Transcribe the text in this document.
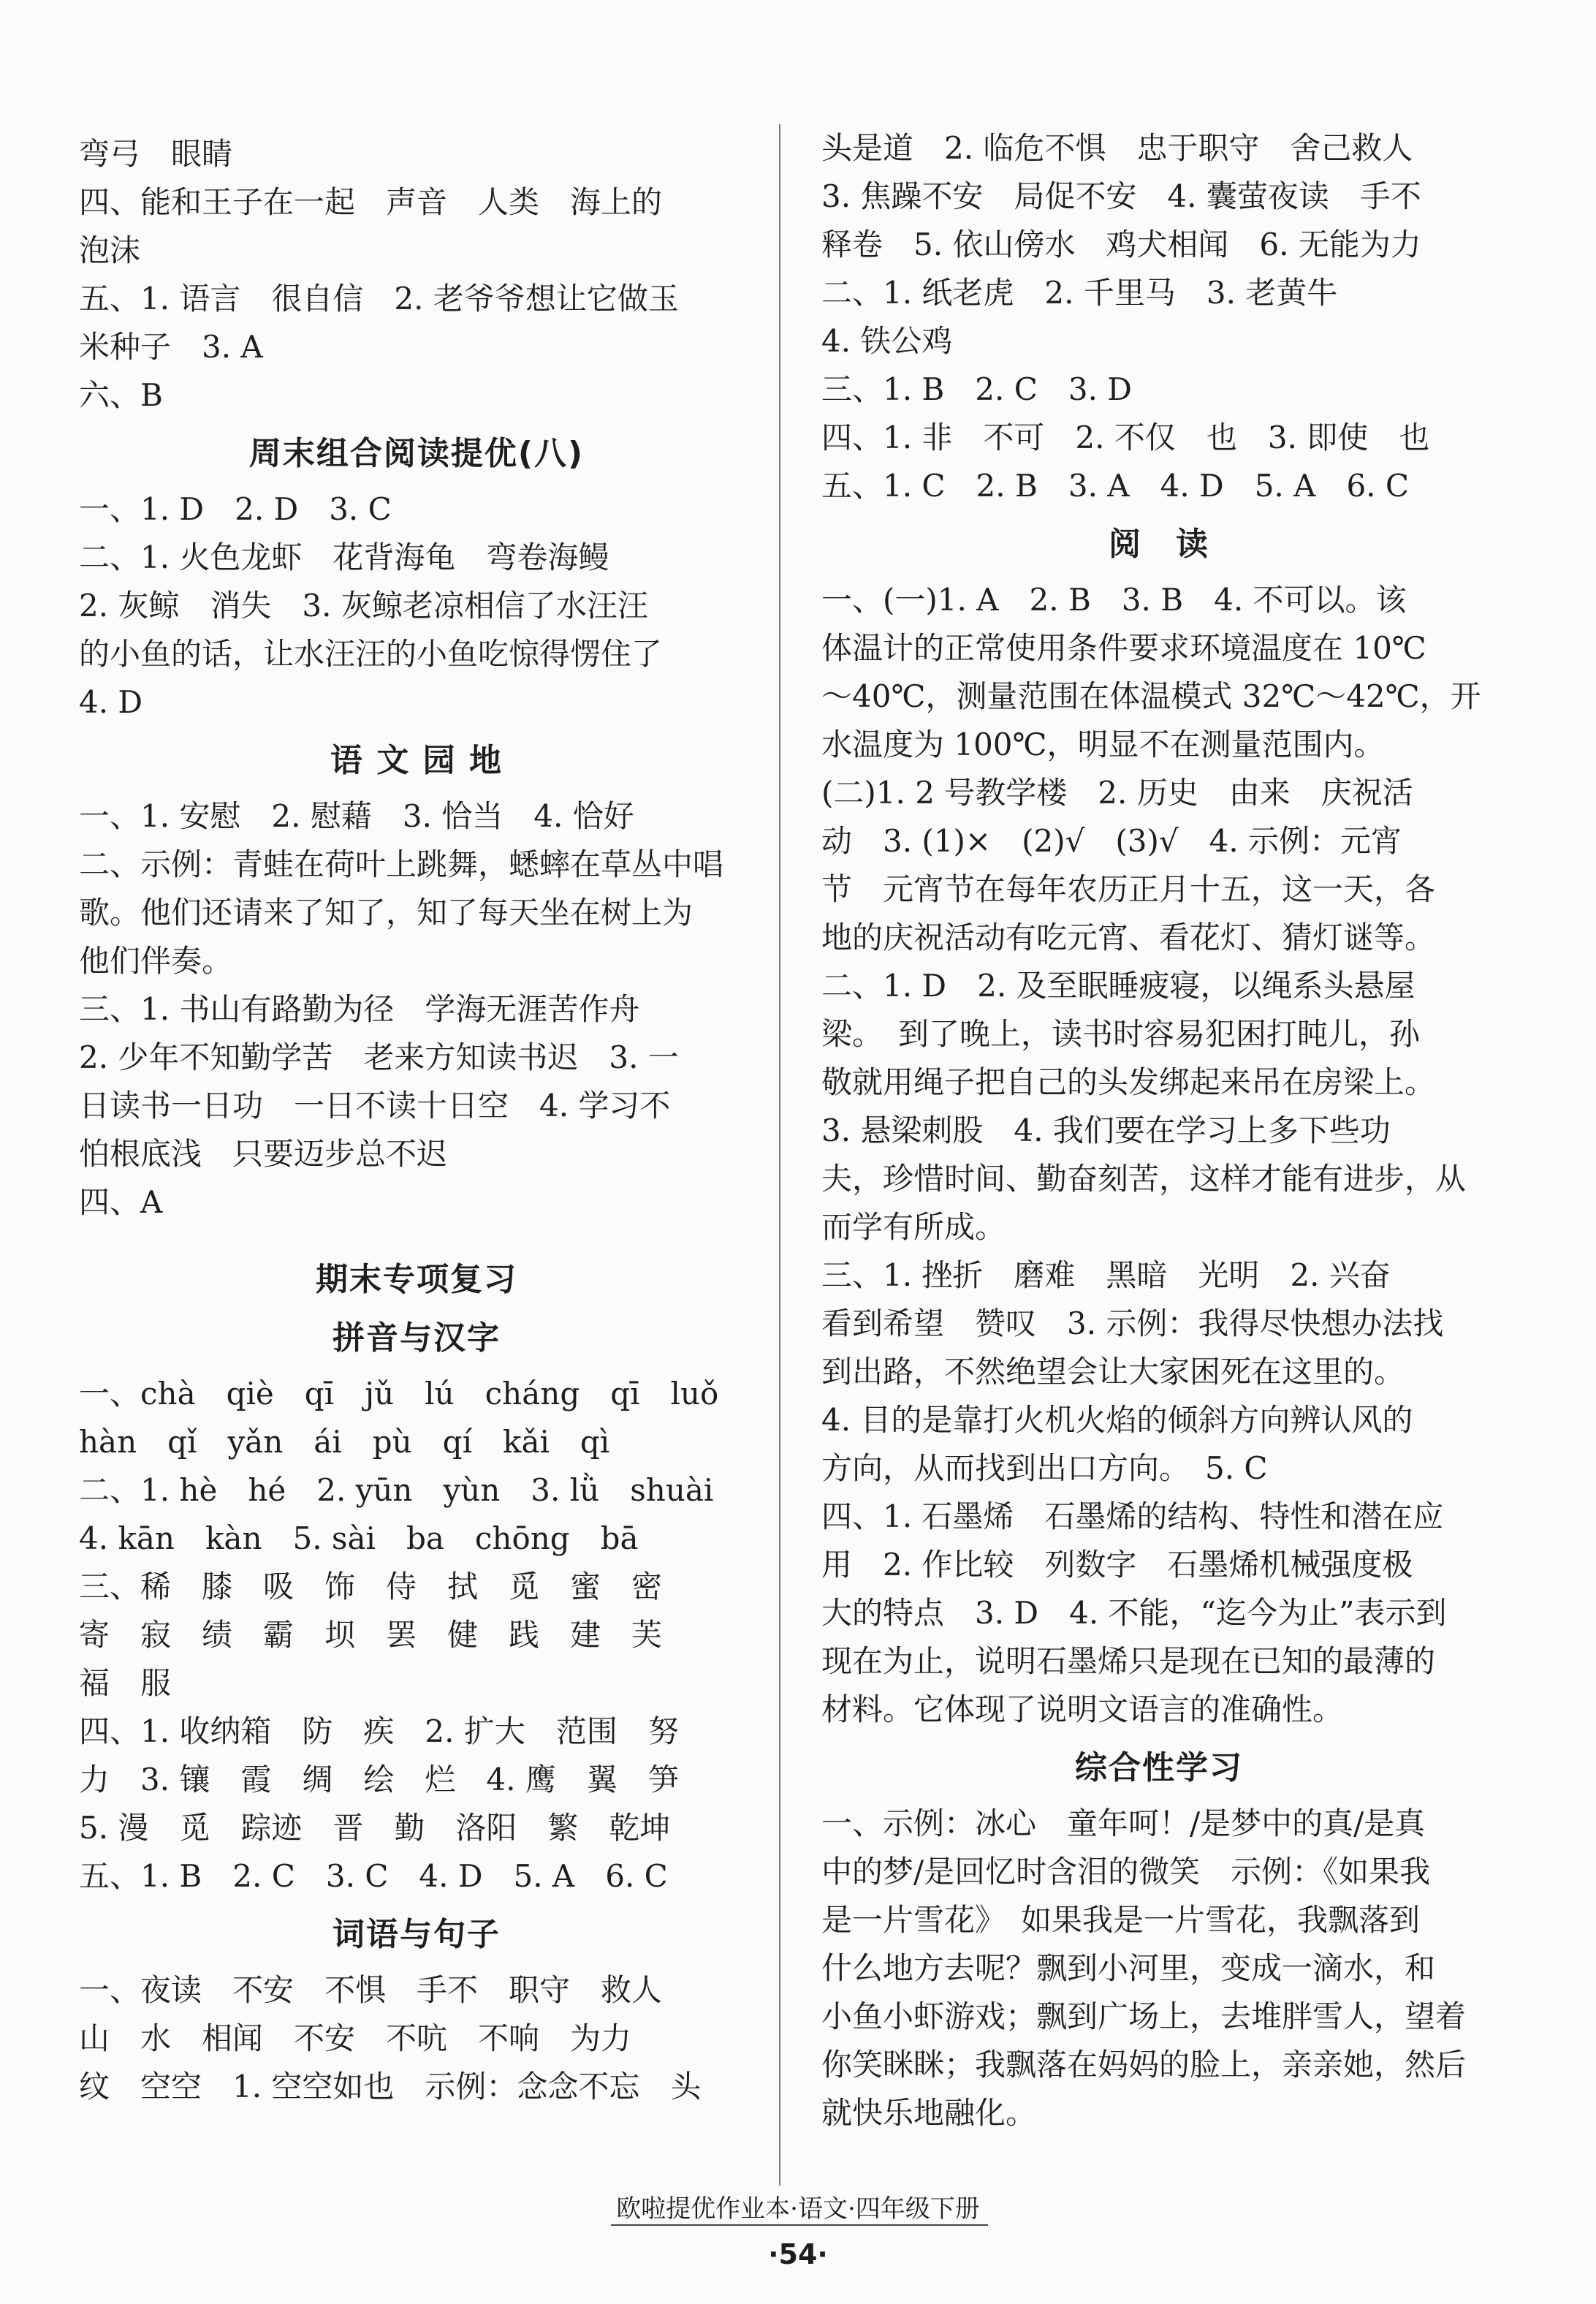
弯弓　眼睛
四、能和王子在一起　声音　人类　海上的
泡沫
五、1. 语言　很自信　2. 老爷爷想让它做玉
米种子　3. A
六、B
周末组合阅读提优(八)
一、1. D　2. D　3. C
二、1. 火色龙虾　花背海龟　弯卷海鳗
2. 灰鲸　消失　3. 灰鲸老凉相信了水汪汪
的小鱼的话，让水汪汪的小鱼吃惊得愣住了
4. D
语 文 园 地
一、1. 安慰　2. 慰藉　3. 恰当　4. 恰好
二、示例：青蛙在荷叶上跳舞，蟋蟀在草丛中唱
歌。他们还请来了知了，知了每天坐在树上为
他们伴奏。
三、1. 书山有路勤为径　学海无涯苦作舟
2. 少年不知勤学苦　老来方知读书迟　3. 一
日读书一日功　一日不读十日空　4. 学习不
怕根底浅　只要迈步总不迟
四、A
期末专项复习
拼音与汉字
一、chà　qiè　qī　jǔ　lú　cháng　qī　luǒ
hàn　qǐ　yǎn　ái　pù　qí　kǎi　qì
二、1. hè　hé　2. yūn　yùn　3. lǜ　shuài
4. kān　kàn　5. sài　ba　chōng　bā
三、稀　膝　吸　饰　侍　拭　觅　蜜　密
寄　寂　绩　霸　坝　罢　健　践　建　芙
福　服
四、1. 收纳箱　防　疾　2. 扩大　范围　努
力　3. 镶　霞　绸　绘　烂　4. 鹰　翼　笋
5. 漫　觅　踪迹　晋　勤　洛阳　繁　乾坤
五、1. B　2. C　3. C　4. D　5. A　6. C
词语与句子
一、夜读　不安　不惧　手不　职守　救人
山　水　相闻　不安　不吭　不响　为力
纹　空空　1. 空空如也　示例：念念不忘　头
头是道　2. 临危不惧　忠于职守　舍己救人
3. 焦躁不安　局促不安　4. 囊萤夜读　手不
释卷　5. 依山傍水　鸡犬相闻　6. 无能为力
二、1. 纸老虎　2. 千里马　3. 老黄牛
4. 铁公鸡
三、1. B　2. C　3. D
四、1. 非　不可　2. 不仅　也　3. 即使　也
五、1. C　2. B　3. A　4. D　5. A　6. C
阅　读
一、(一)1. A　2. B　3. B　4. 不可以。该
体温计的正常使用条件要求环境温度在 10℃
～40℃，测量范围在体温模式 32℃～42℃，开
水温度为 100℃，明显不在测量范围内。
(二)1. 2 号教学楼　2. 历史　由来　庆祝活
动　3. (1)×　(2)√　(3)√　4. 示例：元宵
节　元宵节在每年农历正月十五，这一天，各
地的庆祝活动有吃元宵、看花灯、猜灯谜等。
二、1. D　2. 及至眠睡疲寝，以绳系头悬屋
梁。　到了晚上，读书时容易犯困打盹儿，孙
敬就用绳子把自己的头发绑起来吊在房梁上。
3. 悬梁刺股　4. 我们要在学习上多下些功
夫，珍惜时间、勤奋刻苦，这样才能有进步，从
而学有所成。
三、1. 挫折　磨难　黑暗　光明　2. 兴奋
看到希望　赞叹　3. 示例：我得尽快想办法找
到出路，不然绝望会让大家困死在这里的。
4. 目的是靠打火机火焰的倾斜方向辨认风的
方向，从而找到出口方向。　5. C
四、1. 石墨烯　石墨烯的结构、特性和潜在应
用　2. 作比较　列数字　石墨烯机械强度极
大的特点　3. D　4. 不能，“迄今为止”表示到
现在为止，说明石墨烯只是现在已知的最薄的
材料。它体现了说明文语言的准确性。
综合性学习
一、示例：冰心　童年呵！/是梦中的真/是真
中的梦/是回忆时含泪的微笑　示例：《如果我
是一片雪花》　如果我是一片雪花，我飘落到
什么地方去呢？飘到小河里，变成一滴水，和
小鱼小虾游戏；飘到广场上，去堆胖雪人，望着
你笑眯眯；我飘落在妈妈的脸上，亲亲她，然后
就快乐地融化。
欧啦提优作业本·语文·四年级下册
·54·
